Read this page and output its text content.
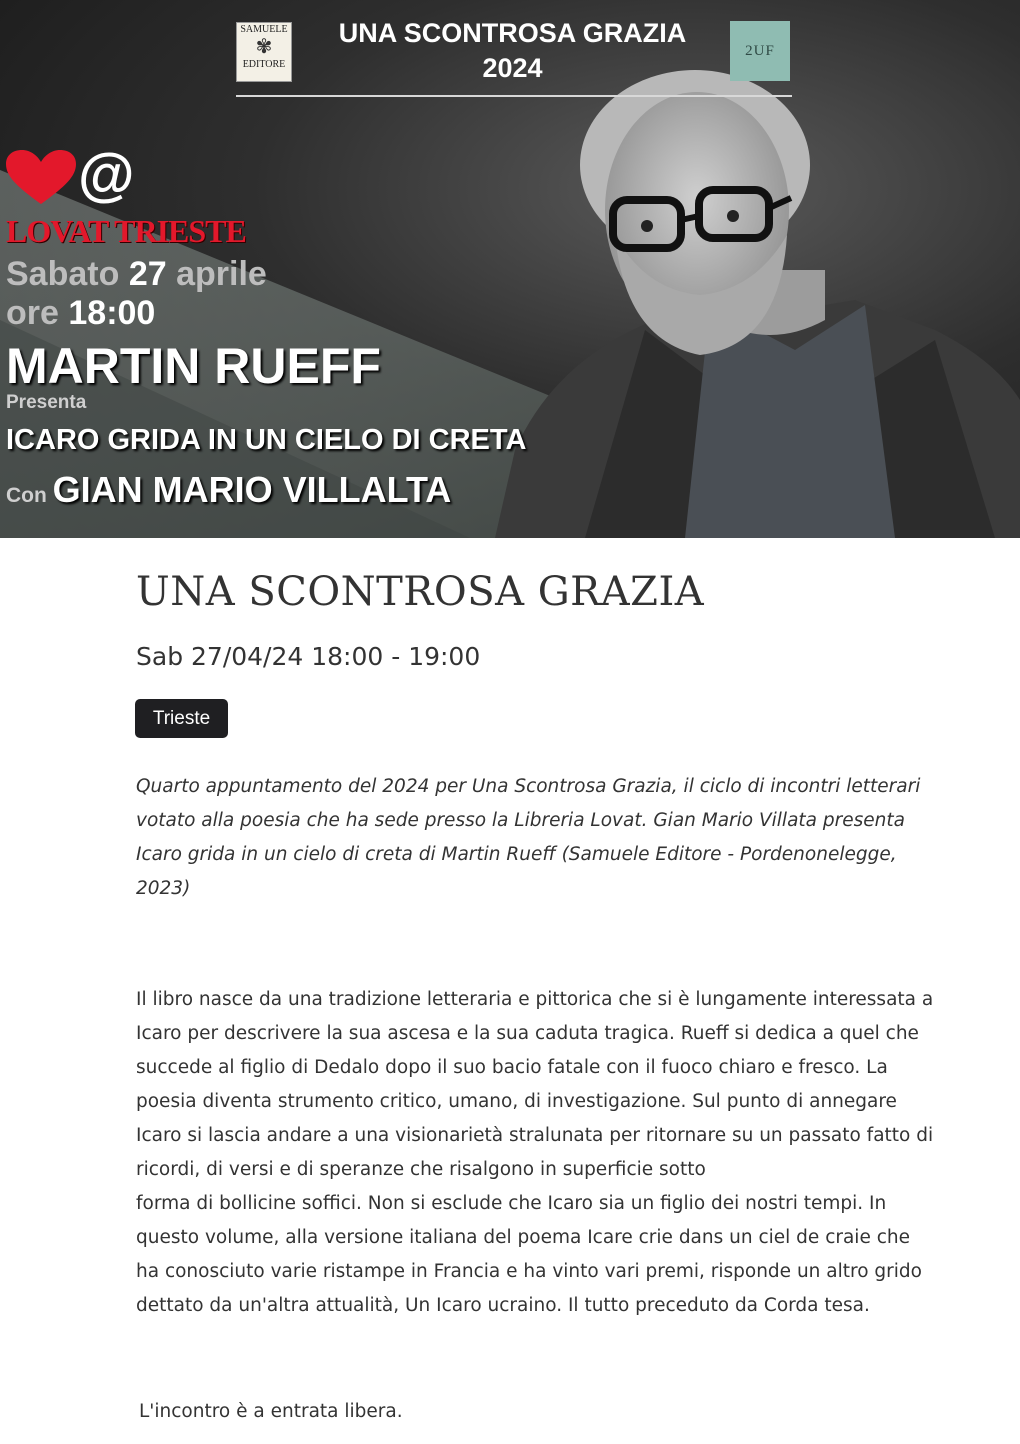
SAMUELE
✾
EDITORE
UNA SCONTROSA GRAZIA
2024
2UF
@
LOVAT TRIESTE
Sabato 27 aprile
ore 18:00
MARTIN RUEFF
Presenta
ICARO GRIDA IN UN CIELO DI CRETA
Con GIAN MARIO VILLALTA
UNA SCONTROSA GRAZIA
Sab 27/04/24 18:00 - 19:00
Trieste

Quarto appuntamento del 2024 per Una Scontrosa Grazia, il ciclo di incontri letterari votato alla poesia che ha sede presso la Libreria Lovat. Gian Mario Villata presenta Icaro grida in un cielo di creta di Martin Rueff (Samuele Editore - Pordenonelegge, 2023)

Il libro nasce da una tradizione letteraria e pittorica che si è lungamente interessata a Icaro per descrivere la sua ascesa e la sua caduta tragica. Rueff si dedica a quel che succede al figlio di Dedalo dopo il suo bacio fatale con il fuoco chiaro e fresco. La poesia diventa strumento critico, umano, di investigazione. Sul punto di annegare Icaro si lascia andare a una visionarietà stralunata per ritornare su un passato fatto di ricordi, di versi e di speranze che risalgono in superficie sotto
forma di bollicine soffici. Non si esclude che Icaro sia un figlio dei nostri tempi. In questo volume, alla versione italiana del poema Icare crie dans un ciel de craie che ha conosciuto varie ristampe in Francia e ha vinto vari premi, risponde un altro grido dettato da un'altra attualità, Un Icaro ucraino. Il tutto preceduto da Corda tesa.

L'incontro è a entrata libera.
